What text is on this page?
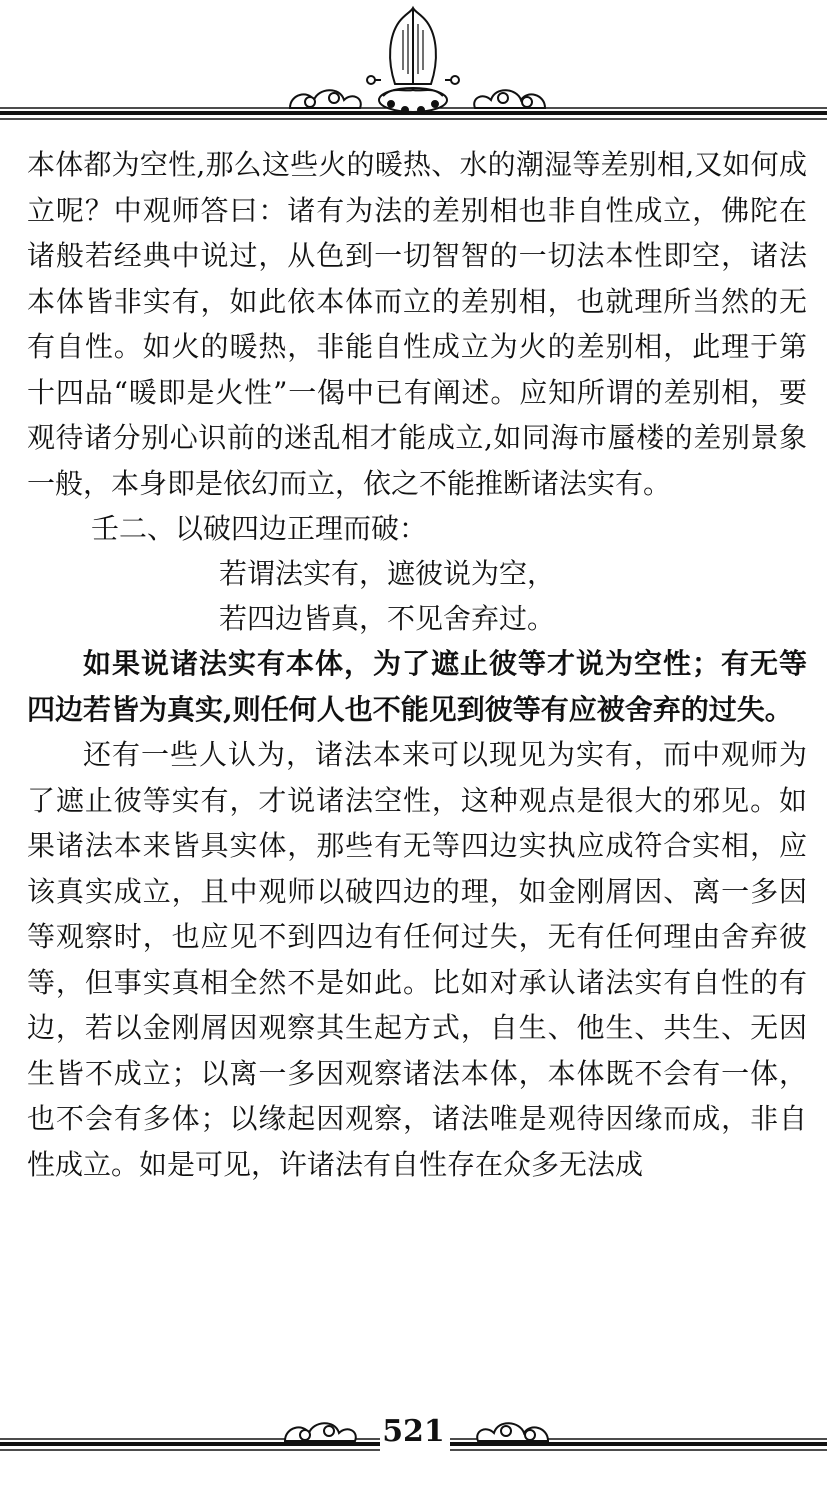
本体都为空性,那么这些火的暖热、水的潮湿等差别相,又如何成立呢？中观师答曰：诸有为法的差别相也非自性成立，佛陀在诸般若经典中说过，从色到一切智智的一切法本性即空，诸法本体皆非实有，如此依本体而立的差别相，也就理所当然的无有自性。如火的暖热，非能自性成立为火的差别相，此理于第十四品“暖即是火性”一偈中已有阐述。应知所谓的差别相，要观待诸分别心识前的迷乱相才能成立,如同海市蜃楼的差别景象一般，本身即是依幻而立，依之不能推断诸法实有。

壬二、以破四边正理而破：

若谓法实有，遮彼说为空，

若四边皆真，不见舍弃过。

如果说诸法实有本体，为了遮止彼等才说为空性；有无等四边若皆为真实,则任何人也不能见到彼等有应被舍弃的过失。

还有一些人认为，诸法本来可以现见为实有，而中观师为了遮止彼等实有，才说诸法空性，这种观点是很大的邪见。如果诸法本来皆具实体，那些有无等四边实执应成符合实相，应该真实成立，且中观师以破四边的理，如金刚屑因、离一多因等观察时，也应见不到四边有任何过失，无有任何理由舍弃彼等，但事实真相全然不是如此。比如对承认诸法实有自性的有边，若以金刚屑因观察其生起方式，自生、他生、共生、无因生皆不成立；以离一多因观察诸法本体，本体既不会有一体，也不会有多体；以缘起因观察，诸法唯是观待因缘而成，非自性成立。如是可见，许诸法有自性存在众多无法成

521
